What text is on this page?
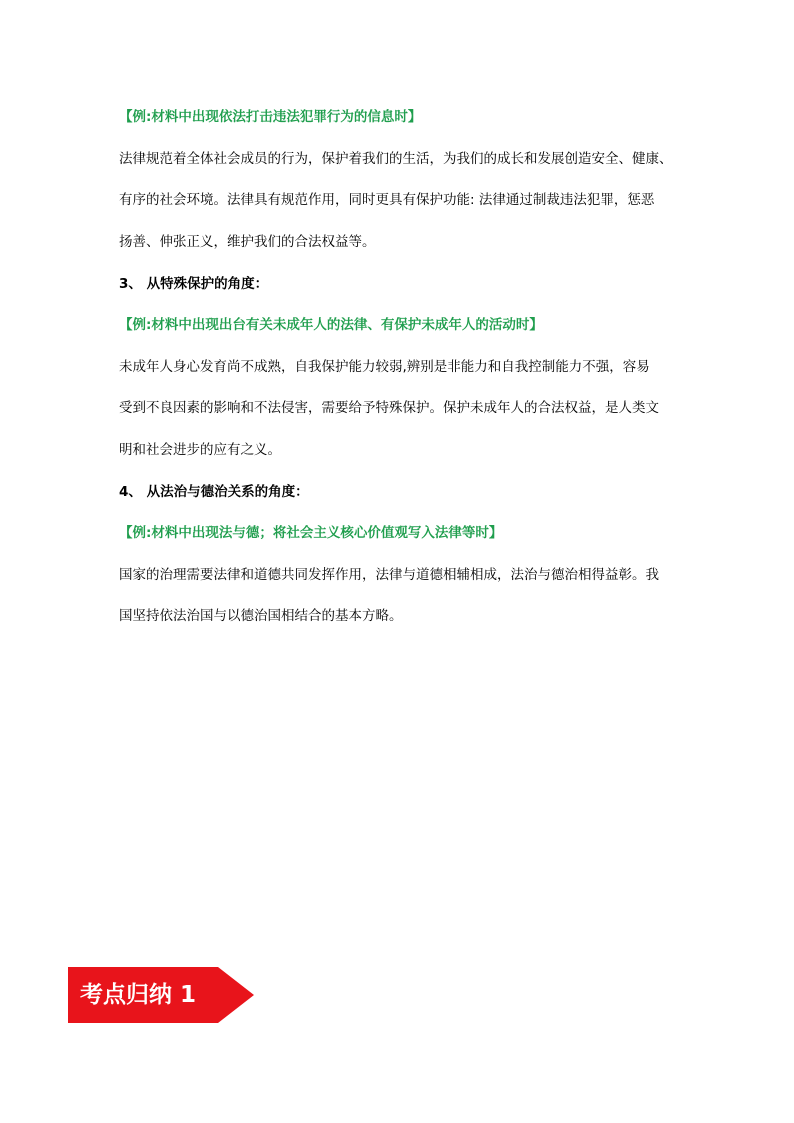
【例:材料中出现依法打击违法犯罪行为的信息时】
法律规范着全体社会成员的行为，保护着我们的生活，为我们的成长和发展创造安全、健康、
有序的社会环境。法律具有规范作用，同时更具有保护功能: 法律通过制裁违法犯罪，惩恶
扬善、伸张正义，维护我们的合法权益等。
3、 从特殊保护的角度：
【例:材料中出现出台有关未成年人的法律、有保护未成年人的活动时】
未成年人身心发育尚不成熟，自我保护能力较弱,辨别是非能力和自我控制能力不强，容易
受到不良因素的影响和不法侵害，需要给予特殊保护。保护未成年人的合法权益，是人类文
明和社会进步的应有之义。
4、 从法治与德治关系的角度：
【例:材料中出现法与德；将社会主义核心价值观写入法律等时】
国家的治理需要法律和道德共同发挥作用，法律与道德相辅相成，法治与德治相得益彰。我
国坚持依法治国与以德治国相结合的基本方略。
考点归纳 1
